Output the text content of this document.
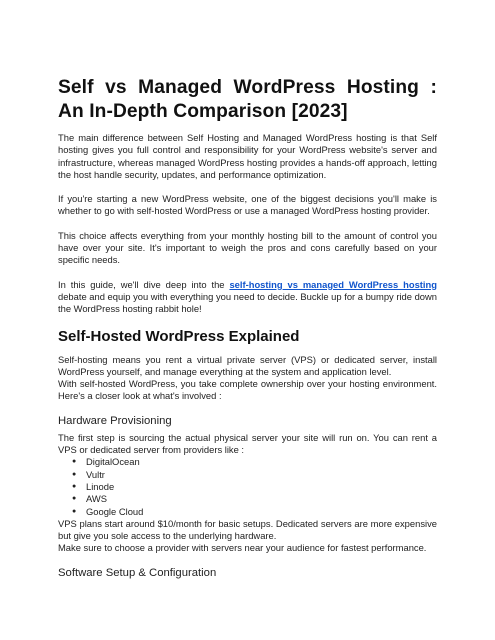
Self vs Managed WordPress Hosting : An In-Depth Comparison [2023]

The main difference between Self Hosting and Managed WordPress hosting is that Self hosting gives you full control and responsibility for your WordPress website's server and infrastructure, whereas managed WordPress hosting provides a hands-off approach, letting the host handle security, updates, and performance optimization.

If you're starting a new WordPress website, one of the biggest decisions you'll make is whether to go with self-hosted WordPress or use a managed WordPress hosting provider.

This choice affects everything from your monthly hosting bill to the amount of control you have over your site. It's important to weigh the pros and cons carefully based on your specific needs.

In this guide, we'll dive deep into the self-hosting vs managed WordPress hosting debate and equip you with everything you need to decide. Buckle up for a bumpy ride down the WordPress hosting rabbit hole!

Self-Hosted WordPress Explained

Self-hosting means you rent a virtual private server (VPS) or dedicated server, install WordPress yourself, and manage everything at the system and application level.

With self-hosted WordPress, you take complete ownership over your hosting environment. Here's a closer look at what's involved :

Hardware Provisioning

The first step is sourcing the actual physical server your site will run on. You can rent a VPS or dedicated server from providers like :

● DigitalOcean
● Vultr
● Linode
● AWS
● Google Cloud

VPS plans start around $10/month for basic setups. Dedicated servers are more expensive but give you sole access to the underlying hardware.

Make sure to choose a provider with servers near your audience for fastest performance.

Software Setup & Configuration
